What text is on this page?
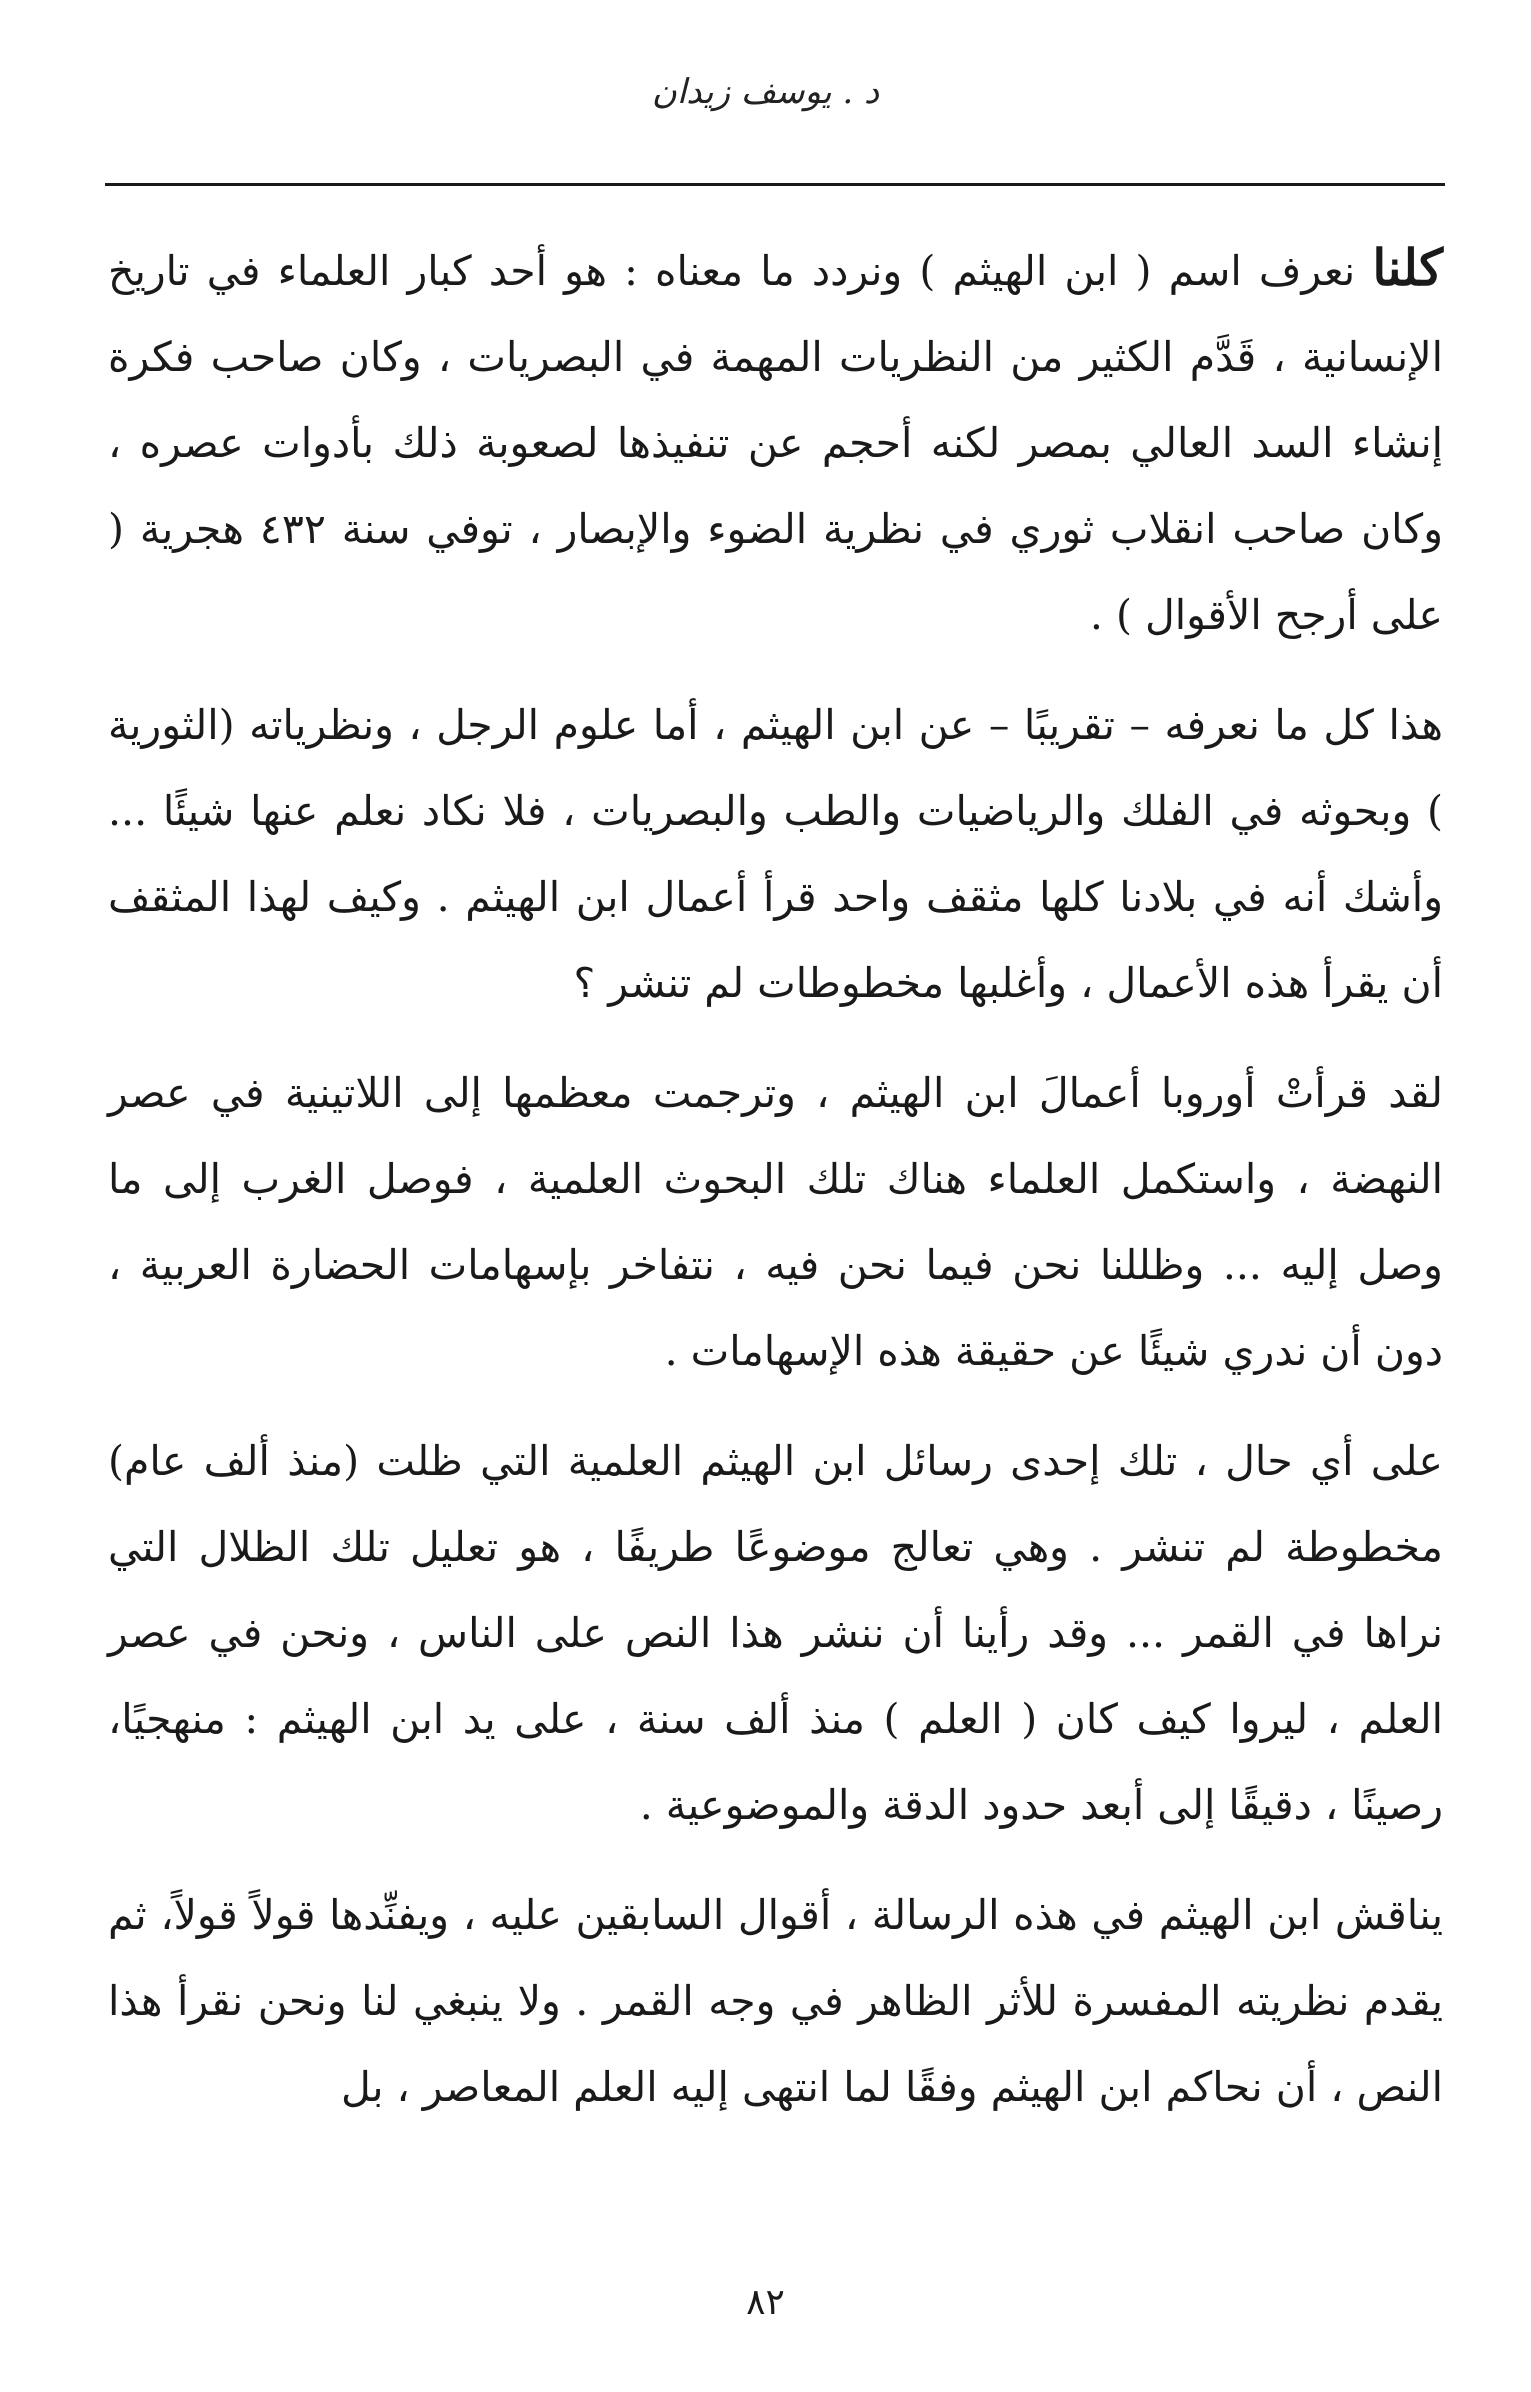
د . يوسف زيدان

كلنا نعرف اسم ( ابن الهيثم ) ونردد ما معناه : هو أحد كبار العلماء في تاريخ الإنسانية ، قَدَّم الكثير من النظريات المهمة في البصريات ، وكان صاحب فكرة إنشاء السد العالي بمصر لكنه أحجم عن تنفيذها لصعوبة ذلك بأدوات عصره ، وكان صاحب انقلاب ثوري في نظرية الضوء والإبصار ، توفي سنة ٤٣٢ هجرية ( على أرجح الأقوال ) .

هذا كل ما نعرفه – تقريبًا – عن ابن الهيثم ، أما علوم الرجل ، ونظرياته (الثورية ) وبحوثه في الفلك والرياضيات والطب والبصريات ، فلا نكاد نعلم عنها شيئًا ... وأشك أنه في بلادنا كلها مثقف واحد قرأ أعمال ابن الهيثم . وكيف لهذا المثقف أن يقرأ هذه الأعمال ، وأغلبها مخطوطات لم تنشر ؟

لقد قرأتْ أوروبا أعمالَ ابن الهيثم ، وترجمت معظمها إلى اللاتينية في عصر النهضة ، واستكمل العلماء هناك تلك البحوث العلمية ، فوصل الغرب إلى ما وصل إليه ... وظللنا نحن فيما نحن فيه ، نتفاخر بإسهامات الحضارة العربية ، دون أن ندري شيئًا عن حقيقة هذه الإسهامات .

على أي حال ، تلك إحدى رسائل ابن الهيثم العلمية التي ظلت (منذ ألف عام) مخطوطة لم تنشر . وهي تعالج موضوعًا طريفًا ، هو تعليل تلك الظلال التي نراها في القمر ... وقد رأينا أن ننشر هذا النص على الناس ، ونحن في عصر العلم ، ليروا كيف كان ( العلم ) منذ ألف سنة ، على يد ابن الهيثم : منهجيًا، رصينًا ، دقيقًا إلى أبعد حدود الدقة والموضوعية .

يناقش ابن الهيثم في هذه الرسالة ، أقوال السابقين عليه ، ويفنِّدها قولاً قولاً، ثم يقدم نظريته المفسرة للأثر الظاهر في وجه القمر . ولا ينبغي لنا ونحن نقرأ هذا النص ، أن نحاكم ابن الهيثم وفقًا لما انتهى إليه العلم المعاصر ، بل

٨٢
